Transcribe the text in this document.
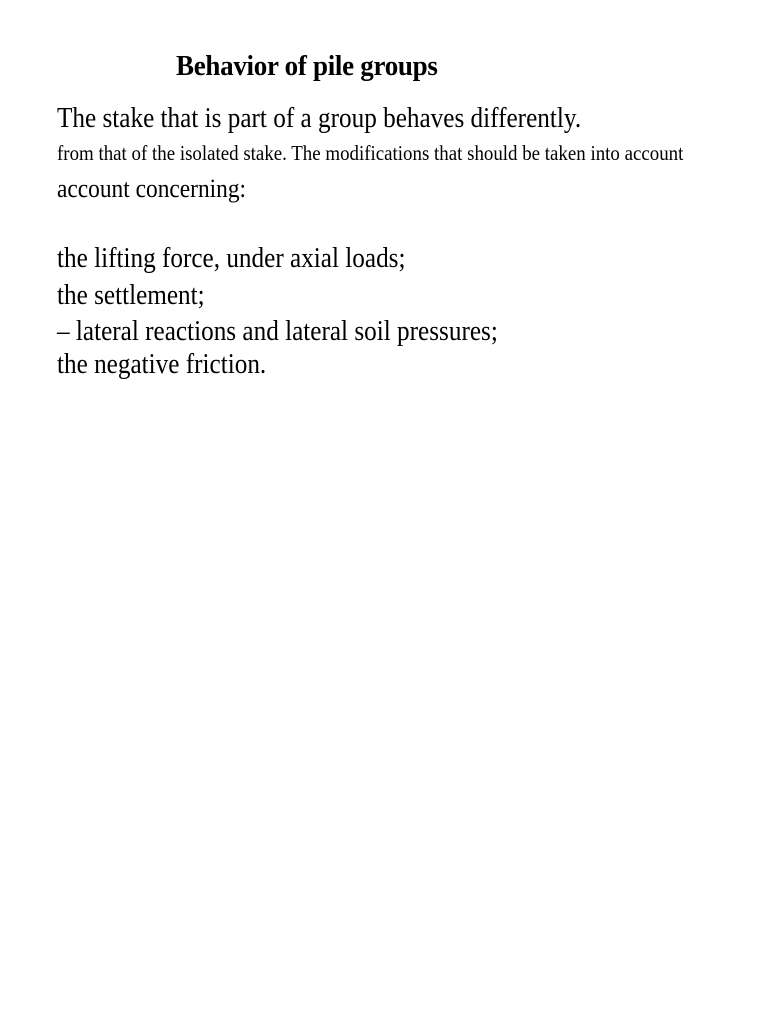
Behavior of pile groups
The stake that is part of a group behaves differently.
from that of the isolated stake. The modifications that should be taken into account
account concerning:
the lifting force, under axial loads;
the settlement;
– lateral reactions and lateral soil pressures;
the negative friction.
